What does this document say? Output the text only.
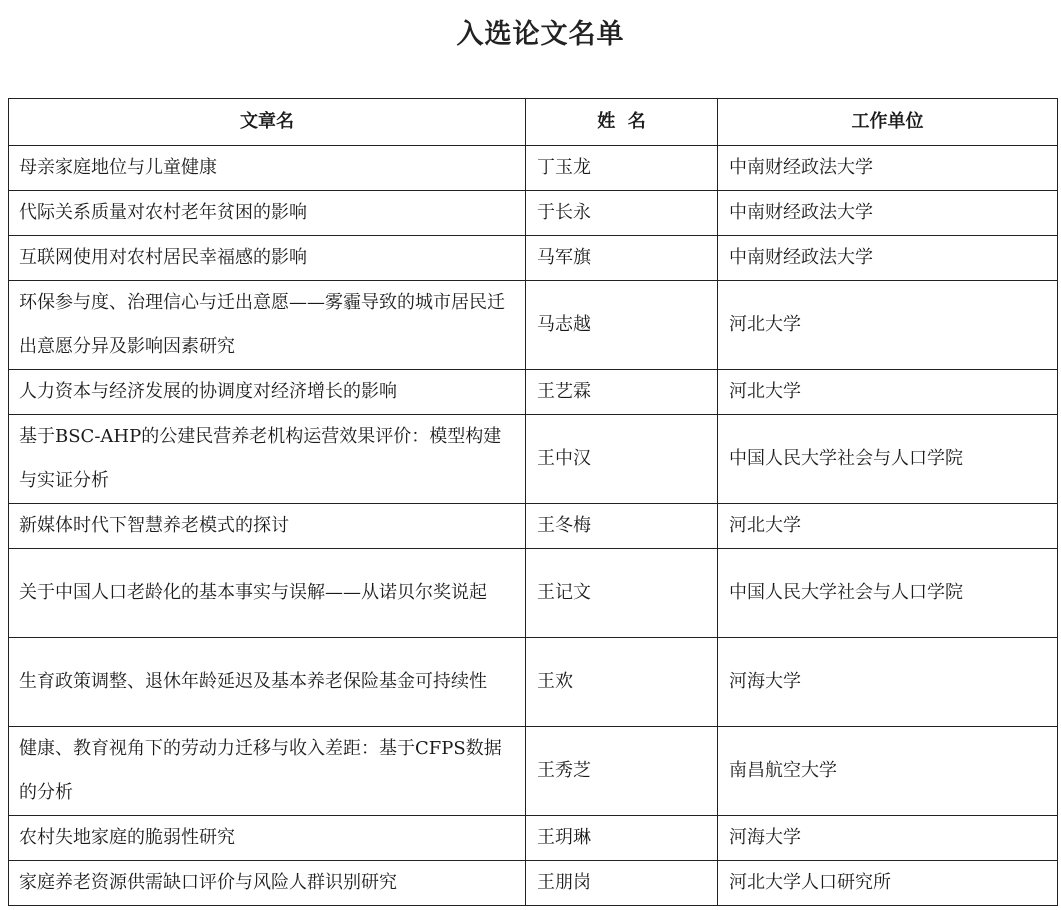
入选论文名单
文章名	姓  名	工作单位
母亲家庭地位与儿童健康	丁玉龙	中南财经政法大学
代际关系质量对农村老年贫困的影响	于长永	中南财经政法大学
互联网使用对农村居民幸福感的影响	马军旗	中南财经政法大学
环保参与度、治理信心与迁出意愿——雾霾导致的城市居民迁出意愿分异及影响因素研究	马志越	河北大学
人力资本与经济发展的协调度对经济增长的影响	王艺霖	河北大学
基于BSC-AHP的公建民营养老机构运营效果评价：模型构建与实证分析	王中汉	中国人民大学社会与人口学院
新媒体时代下智慧养老模式的探讨	王冬梅	河北大学
关于中国人口老龄化的基本事实与误解——从诺贝尔奖说起	王记文	中国人民大学社会与人口学院
生育政策调整、退休年龄延迟及基本养老保险基金可持续性	王欢	河海大学
健康、教育视角下的劳动力迁移与收入差距：基于CFPS数据的分析	王秀芝	南昌航空大学
农村失地家庭的脆弱性研究	王玥琳	河海大学
家庭养老资源供需缺口评价与风险人群识别研究	王朋岗	河北大学人口研究所
